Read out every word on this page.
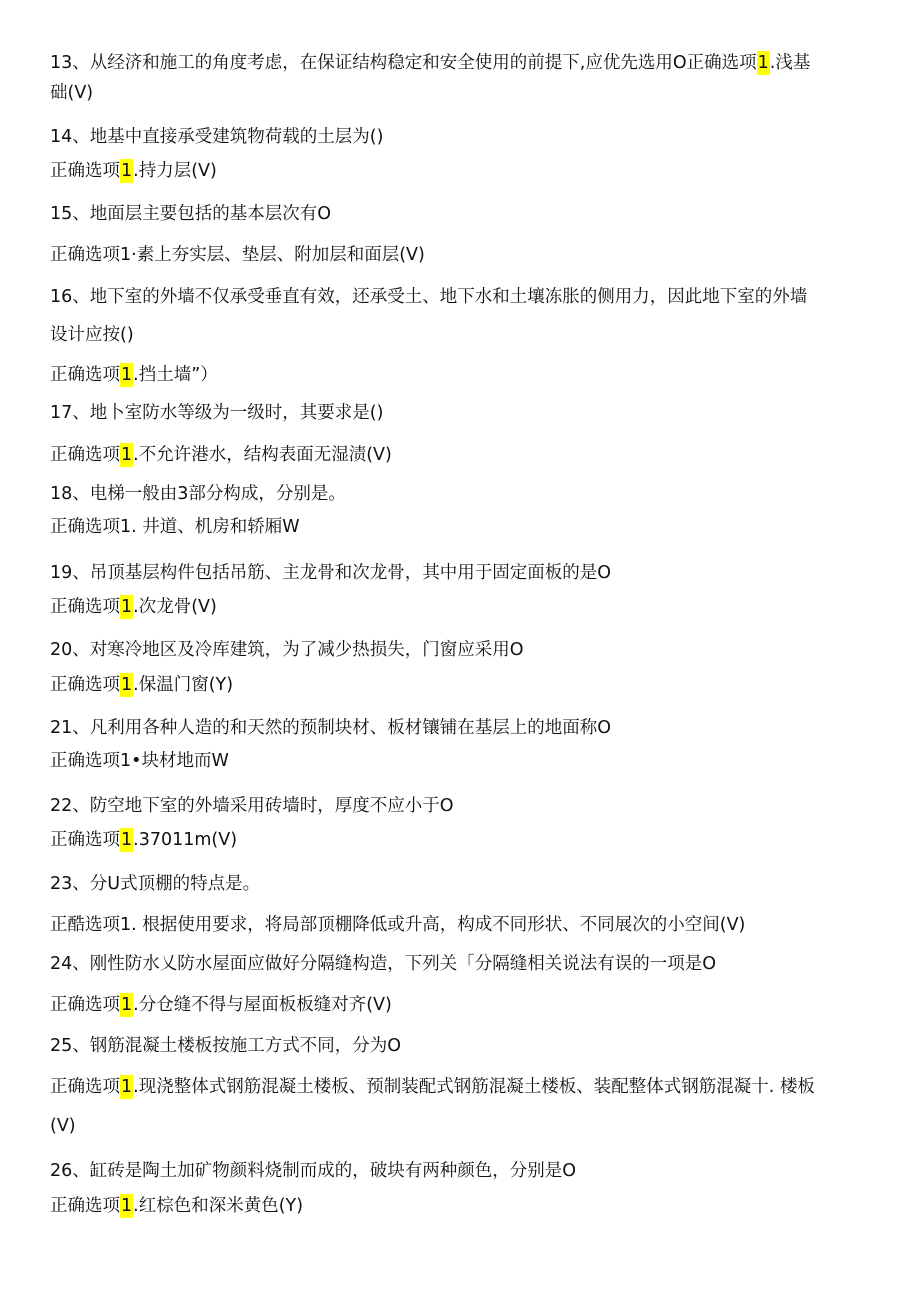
13、从经济和施工的角度考虑，在保证结构稳定和安全使用的前提下,应优先选用O正确选项1.浅基
础(V)
14、地基中直接承受建筑物荷载的土层为()
正确选项1.持力层(V)
15、地面层主要包括的基本层次有O
正确选项1·素上夯实层、垫层、附加层和面层(V)
16、地下室的外墙不仅承受垂直有效，还承受土、地下水和土壤冻胀的侧用力，因此地下室的外墙
设计应按()
正确选项1.挡土墙”）
17、地卜室防水等级为一级时，其要求是()
正确选项1.不允许港水，结构表面无湿渍(V)
18、电梯一般由3部分构成，分别是。
正确选项1. 井道、机房和轿厢W
19、吊顶基层构件包括吊筋、主龙骨和次龙骨，其中用于固定面板的是O
正确选项1.次龙骨(V)
20、对寒冷地区及冷库建筑，为了减少热损失，门窗应采用O
正确选项1.保温门窗(Y)
21、凡利用各种人造的和天然的预制块材、板材镶铺在基层上的地面称O
正确选项1•块材地而W
22、防空地下室的外墙采用砖墙时，厚度不应小于O
正确选项1.37011m(V)
23、分U式顶棚的特点是。
正酷选项1. 根据使用要求，将局部顶棚降低或升高，构成不同形状、不同展次的小空间(V)
24、刚性防水乂防水屋面应做好分隔缝构造，下列关「分隔缝相关说法有误的一项是O
正确选项1.分仓缝不得与屋面板板缝对齐(V)
25、钢筋混凝土楼板按施工方式不同，分为O
正确选项1.现浇整体式钢筋混凝土楼板、预制装配式钢筋混凝土楼板、装配整体式钢筋混凝十. 楼板
(V)
26、缸砖是陶土加矿物颜料烧制而成的，破块有两种颜色，分别是O
正确选项1.红棕色和深米黄色(Y)
